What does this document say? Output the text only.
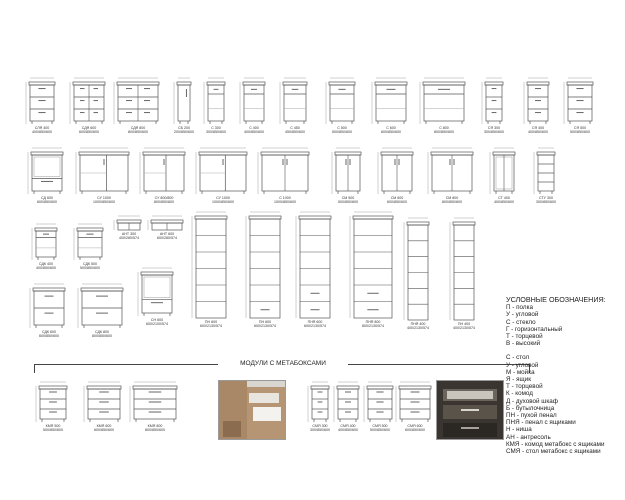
СЛЯ 400
400/850/600
СДЯ 600
600/850/600
СДЯ 800
800/850/600
СБ 200
200/850/600
С 300
300/850/600
С 400
400/850/600
С 450
450/850/600
С 500
500/850/600
С 600
600/850/600
С 800
800/850/600
СЯ 300
300/850/600
СЯ 400
400/850/600
СЯ 500
500/850/600
СД 600
600/850/600
СУ 1000
1000/850/600
СУ 800/800
800/850/800
СУ 1000
1000/850/600
С 1000
1000/850/600
СМ 500
500/850/600
СМ 600
600/850/600
СМ 800
800/850/600
СТ 400
400/850/600
СТУ 300
300/850/600
СДК 400
400/850/600
СДК 500
500/850/600
АНТ 300
400/280/574
АНТ 600
600/280/574
СДК 600
600/850/600
СДК 800
800/850/600
СН 600
600/2100/574	ПН 600
600/2130/574
ПН 600
600/2130/574
ПНЯ 600
600/2130/574
ПНЯ 800
800/2130/574	ПНЯ 400
400/2130/574
ПН 400
400/2130/574
МОДУЛИ С МЕТАБОКСАМИ
КМЯ 500
500/850/600
КМЯ 600
600/850/600
КМЯ 800
800/850/600
СМЯ 300
300/850/600
СМЯ 400
400/850/600
СМЯ 500
500/850/600
СМЯ 600
600/850/600
УСЛОВНЫЕ ОБОЗНАЧЕНИЯ:
П - полка
У - угловой
С - стекло
Г - горизонтальный
Т - торцевой
В - высокий
С - стол
У - угловой
М - мойка
Я - ящик
Т - торцевой
К - комод
Д - духовой шкаф
Б - бутылочница
ПН - пухой пенал
ПНЯ - пенал с ящиками
Н - ниша
АН - антресоль
КМЯ - комод метабокс с ящиками
СМЯ - стол метабокс с ящиками
